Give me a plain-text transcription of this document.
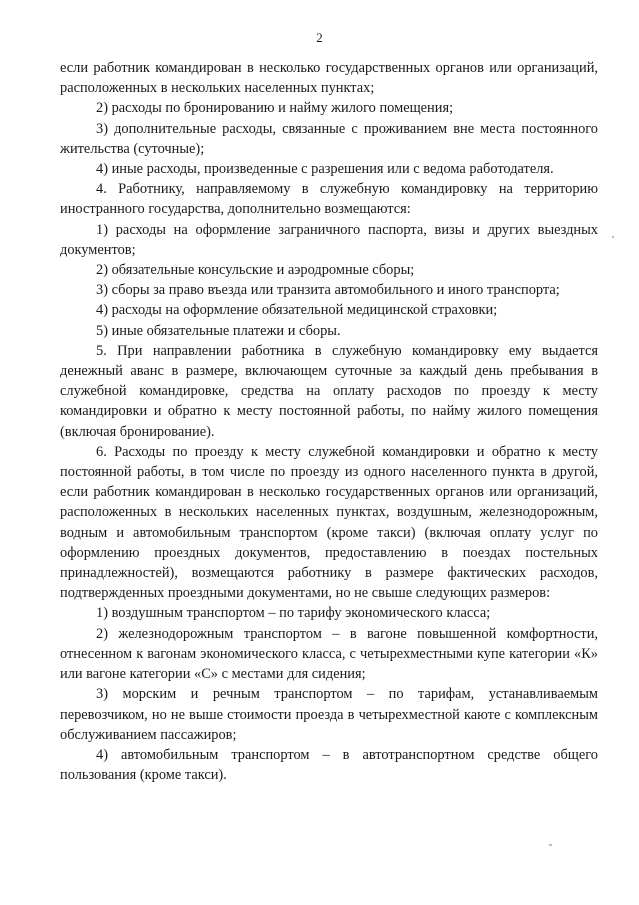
2

если работник командирован в несколько государственных органов или организаций, расположенных в нескольких населенных пунктах;

2) расходы по бронированию и найму жилого помещения;

3) дополнительные расходы, связанные с проживанием вне места постоянного жительства (суточные);

4) иные расходы, произведенные с разрешения или с ведома работодателя.

4. Работнику, направляемому в служебную командировку на территорию иностранного государства, дополнительно возмещаются:

1) расходы на оформление заграничного паспорта, визы и других выездных документов;

2) обязательные консульские и аэродромные сборы;

3) сборы за право въезда или транзита автомобильного и иного транспорта;

4) расходы на оформление обязательной медицинской страховки;

5) иные обязательные платежи и сборы.

5. При направлении работника в служебную командировку ему выдается денежный аванс в размере, включающем суточные за каждый день пребывания в служебной командировке, средства на оплату расходов по проезду к месту командировки и обратно к месту постоянной работы, по найму жилого помещения (включая бронирование).

6. Расходы по проезду к месту служебной командировки и обратно к месту постоянной работы, в том числе по проезду из одного населенного пункта в другой, если работник командирован в несколько государственных органов или организаций, расположенных в нескольких населенных пунктах, воздушным, железнодорожным, водным и автомобильным транспортом (кроме такси) (включая оплату услуг по оформлению проездных документов, предоставлению в поездах постельных принадлежностей), возмещаются работнику в размере фактических расходов, подтвержденных проездными документами, но не свыше следующих размеров:

1) воздушным транспортом – по тарифу экономического класса;

2) железнодорожным транспортом – в вагоне повышенной комфортности, отнесенном к вагонам экономического класса, с четырехместными купе категории «К» или вагоне категории «С» с местами для сидения;

3) морским и речным транспортом – по тарифам, устанавливаемым перевозчиком, но не выше стоимости проезда в четырехместной каюте с комплексным обслуживанием пассажиров;

4) автомобильным транспортом – в автотранспортном средстве общего пользования (кроме такси).
